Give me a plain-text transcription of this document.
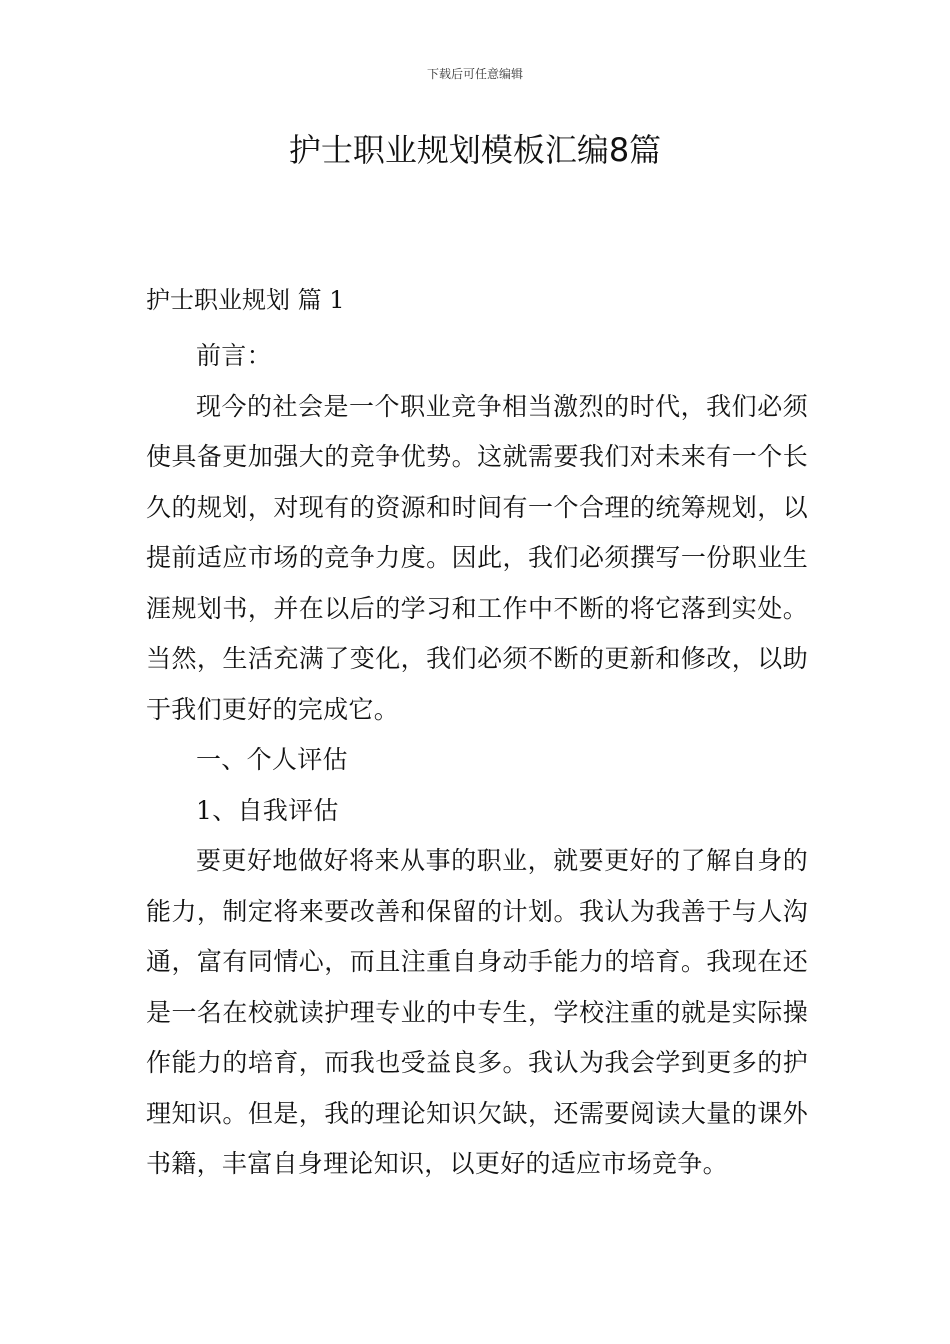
下载后可任意编辑
护士职业规划模板汇编8篇
护士职业规划 篇 1

前言：

现今的社会是一个职业竞争相当激烈的时代，我们必须使具备更加强大的竞争优势。这就需要我们对未来有一个长久的规划，对现有的资源和时间有一个合理的统筹规划，以提前适应市场的竞争力度。因此，我们必须撰写一份职业生涯规划书，并在以后的学习和工作中不断的将它落到实处。当然，生活充满了变化，我们必须不断的更新和修改，以助于我们更好的完成它。

一、个人评估

1、自我评估

要更好地做好将来从事的职业，就要更好的了解自身的能力，制定将来要改善和保留的计划。我认为我善于与人沟通，富有同情心，而且注重自身动手能力的培育。我现在还是一名在校就读护理专业的中专生，学校注重的就是实际操作能力的培育，而我也受益良多。我认为我会学到更多的护理知识。但是，我的理论知识欠缺，还需要阅读大量的课外书籍，丰富自身理论知识，以更好的适应市场竞争。
